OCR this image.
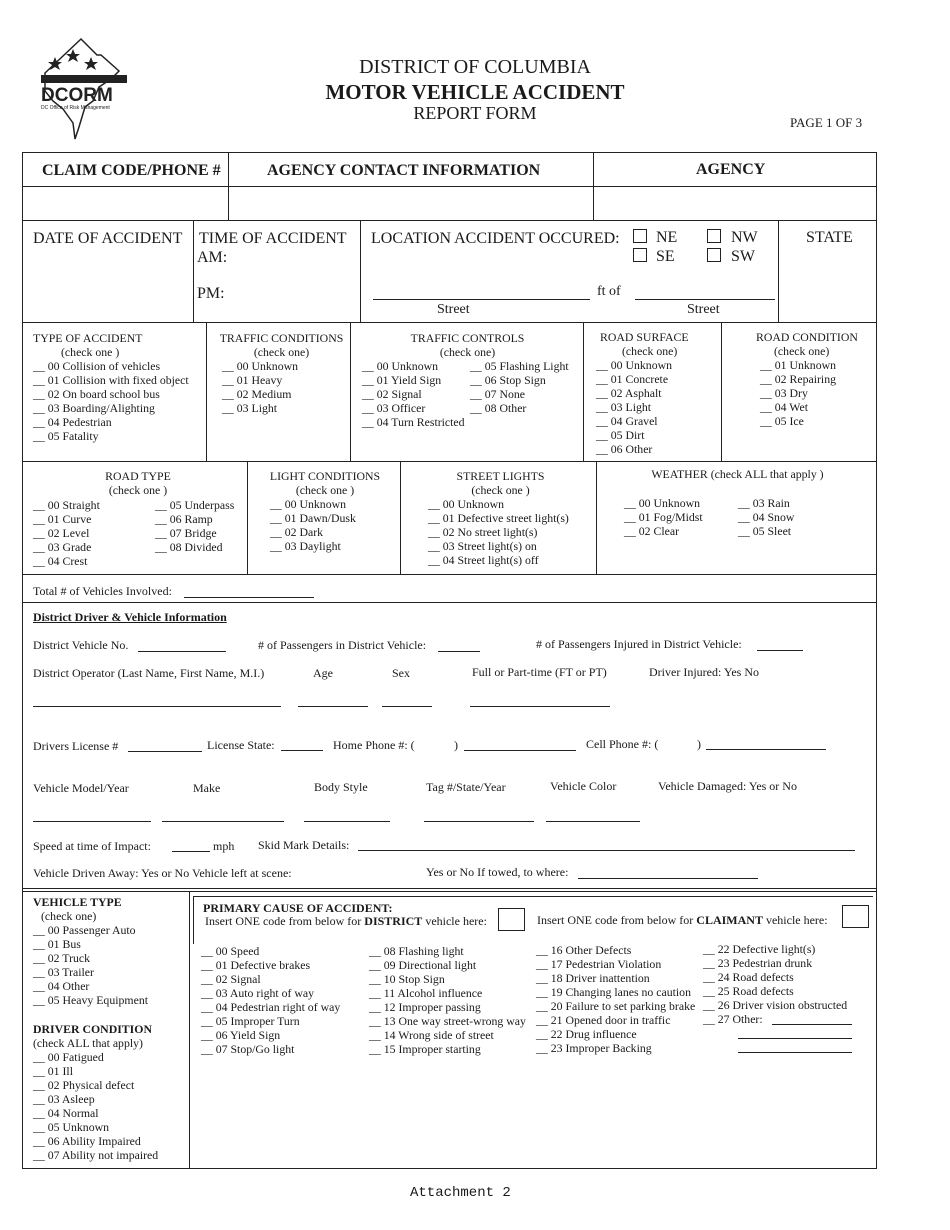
DCORM
DC Office of Risk Management
DISTRICT OF COLUMBIA
MOTOR VEHICLE ACCIDENT
REPORT FORM	PAGE 1 OF 3
CLAIM CODE/PHONE #	AGENCY CONTACT INFORMATION	AGENCY
DATE OF ACCIDENT TIME OF ACCIDENT
AM:
PM:
LOCATION ACCIDENT OCCURED: NE	NW
SE	SW
STATE
Street
ft of
Street
TYPE OF ACCIDENT
(check one )
__ 00 Collision of vehicles
__ 01 Collision with fixed object
__ 02 On board school bus
__ 03 Boarding/Alighting
__ 04 Pedestrian
__ 05 Fatality
TRAFFIC CONDITIONS
(check one)
__ 00 Unknown
__ 01 Heavy
__ 02 Medium
__ 03 Light
TRAFFIC CONTROLS
(check one)
__ 00 Unknown
__ 01 Yield Sign
__ 02 Signal
__ 03 Officer
__ 04 Turn Restricted
__ 05 Flashing Light
__ 06 Stop Sign
__ 07 None
__ 08 Other
ROAD SURFACE
(check one)
__ 00 Unknown
__ 01 Concrete
__ 02 Asphalt
__ 03 Light
__ 04 Gravel
__ 05 Dirt
__ 06 Other
ROAD CONDITION
(check one)
__ 01 Unknown
__ 02 Repairing
__ 03 Dry
__ 04 Wet
__ 05 Ice
ROAD TYPE
(check one )
__ 00 Straight
__ 01 Curve
__ 02 Level
__ 03 Grade
__ 04 Crest
__ 05 Underpass
__ 06 Ramp
__ 07 Bridge
__ 08 Divided
LIGHT CONDITIONS
(check one )
__ 00 Unknown
__ 01 Dawn/Dusk
__ 02 Dark
__ 03 Daylight
STREET LIGHTS
(check one )
__ 00 Unknown
__ 01 Defective street light(s)
__ 02 No street light(s)
__ 03 Street light(s) on
__ 04 Street light(s) off
WEATHER (check ALL that apply )
__ 00 Unknown
__ 01 Fog/Midst
__ 02 Clear
__ 03 Rain
__ 04 Snow
__ 05 Sleet
Total # of Vehicles Involved:
District Driver & Vehicle Information
District Vehicle No.	# of Passengers in District Vehicle:	# of Passengers Injured in District Vehicle:
District Operator (Last Name, First Name, M.I.)	Age	Sex	Full or Part-time (FT or PT)	Driver Injured: Yes No
Drivers License #	License State:	Home Phone #: (	)	Cell Phone #: (	)
Vehicle Model/Year	Make	Body Style	Tag #/State/Year	Vehicle Color	Vehicle Damaged: Yes or No
Speed at time of Impact:	mph Skid Mark Details:
Vehicle Driven Away: Yes or No Vehicle left at scene:	Yes or No If towed, to where:
VEHICLE TYPE
(check one)
__ 00 Passenger Auto
__ 01 Bus
__ 02 Truck
__ 03 Trailer
__ 04 Other
__ 05 Heavy Equipment
DRIVER CONDITION
(check ALL that apply)
__ 00 Fatigued
__ 01 Ill
__ 02 Physical defect
__ 03 Asleep
__ 04 Normal
__ 05 Unknown
__ 06 Ability Impaired
__ 07 Ability not impaired
PRIMARY CAUSE OF ACCIDENT:
Insert ONE code from below for DISTRICT vehicle here:	Insert ONE code from below for CLAIMANT vehicle here:
__ 00 Speed
__ 01 Defective brakes
__ 02 Signal
__ 03 Auto right of way
__ 04 Pedestrian right of way
__ 05 Improper Turn
__ 06 Yield Sign
__ 07 Stop/Go light
__ 08 Flashing light
__ 09 Directional light
__ 10 Stop Sign
__ 11 Alcohol influence
__ 12 Improper passing
__ 13 One way street-wrong way
__ 14 Wrong side of street
__ 15 Improper starting
__ 16 Other Defects
__ 17 Pedestrian Violation
__ 18 Driver inattention
__ 19 Changing lanes no caution
__ 20 Failure to set parking brake
__ 21 Opened door in traffic
__ 22 Drug influence
__ 23 Improper Backing
__ 22 Defective light(s)
__ 23 Pedestrian drunk
__ 24 Road defects
__ 25 Road defects
__ 26 Driver vision obstructed
__ 27 Other:
Attachment 2
